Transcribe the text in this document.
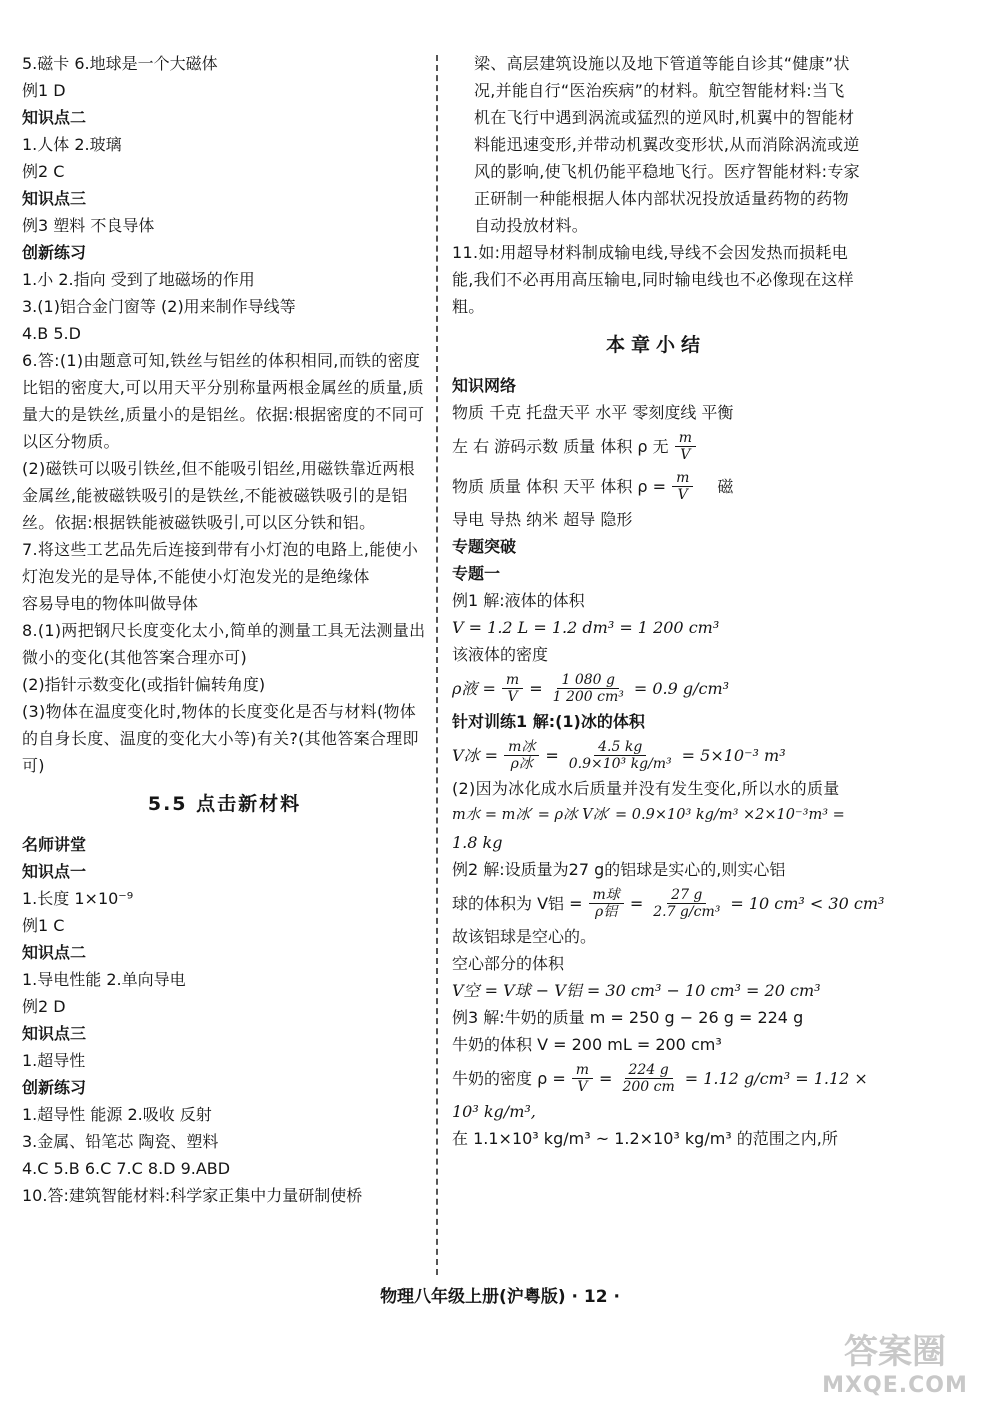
5.磁卡 6.地球是一个大磁体
例1 D
知识点二
1.人体 2.玻璃
例2 C
知识点三
例3 塑料 不良导体
创新练习
1.小 2.指向 受到了地磁场的作用
3.(1)铝合金门窗等 (2)用来制作导线等
4.B 5.D
6.答:(1)由题意可知,铁丝与铝丝的体积相同,而铁的密度比铝的密度大,可以用天平分别称量两根金属丝的质量,质量大的是铁丝,质量小的是铝丝。依据:根据密度的不同可以区分物质。
(2)磁铁可以吸引铁丝,但不能吸引铝丝,用磁铁靠近两根金属丝,能被磁铁吸引的是铁丝,不能被磁铁吸引的是铝丝。依据:根据铁能被磁铁吸引,可以区分铁和铝。
7.将这些工艺品先后连接到带有小灯泡的电路上,能使小灯泡发光的是导体,不能使小灯泡发光的是绝缘体
容易导电的物体叫做导体
8.(1)两把钢尺长度变化太小,简单的测量工具无法测量出微小的变化(其他答案合理亦可)
(2)指针示数变化(或指针偏转角度)
(3)物体在温度变化时,物体的长度变化是否与材料(物体的自身长度、温度的变化大小等)有关?(其他答案合理即可)
5.5 点击新材料
名师讲堂
知识点一
1.长度 1×10⁻⁹
例1 C
知识点二
1.导电性能 2.单向导电
例2 D
知识点三
1.超导性
创新练习
1.超导性 能源 2.吸收 反射
3.金属、铅笔芯 陶瓷、塑料
4.C 5.B 6.C 7.C 8.D 9.ABD
10.答:建筑智能材料:科学家正集中力量研制使桥
梁、高层建筑设施以及地下管道等能自诊其“健康”状况,并能自行“医治疾病”的材料。航空智能材料:当飞机在飞行中遇到涡流或猛烈的逆风时,机翼中的智能材料能迅速变形,并带动机翼改变形状,从而消除涡流或逆风的影响,使飞机仍能平稳地飞行。医疗智能材料:专家正研制一种能根据人体内部状况投放适量药物的药物自动投放材料。
11.如:用超导材料制成输电线,导线不会因发热而损耗电能,我们不必再用高压输电,同时输电线也不必像现在这样粗。
本章小结
知识网络
物质 千克 托盘天平 水平 零刻度线 平衡
左 右 游码示数 质量 体积 ρ 无 $\frac{m}{V}$
物质 质量 体积 天平 体积 $\rho = \frac{m}{V}$ 磁
导电 导热 纳米 超导 隐形
专题突破
专题一
例1 解:液体的体积
V = 1.2 L = 1.2 dm³ = 1 200 cm³
该液体的密度
ρ液 = $\frac{m}{V} = \frac{1 080 g}{\text{1 200 cm³}} = 0.9$ g/cm³
针对训练1 解:(1)冰的体积
V冰 = $\frac{\text{m冰}}{\text{ρ冰}} = \frac{4.5 kg}{\text{0.9×10³ kg/m³}} = 5\times 10^{-3}$ m³
(2)因为冰化成水后质量并没有发生变化,所以水的质量
m水 = m冰′ = ρ冰 V冰′ = 0.9×10³ kg/m³ ×2×10⁻³m³ =
1.8 kg
例2 解:设质量为27 g的铝球是实心的,则实心铝
球的体积为 V铝 = $\frac{\text{m球}}{\text{ρ铝}} = \frac{27 g}{\text{2.7 g/cm³}} = 10$ cm³ < 30 cm³
故该铝球是空心的。
空心部分的体积
V空 = V球 − V铝 = 30 cm³ − 10 cm³ = 20 cm³
例3 解:牛奶的质量 m = 250 g − 26 g = 224 g
牛奶的体积 V = 200 mL = 200 cm³
牛奶的密度 $\rho = \frac{m}{V} = \frac{224 g}{200 cm} = 1.12$ g/cm³ = 1.12 ×
10³ kg/m³,
在 1.1×10³ kg/m³ ~ 1.2×10³ kg/m³ 的范围之内,所
物理八年级上册(沪粤版) · 12 ·
答案圈
MXQE.COM
